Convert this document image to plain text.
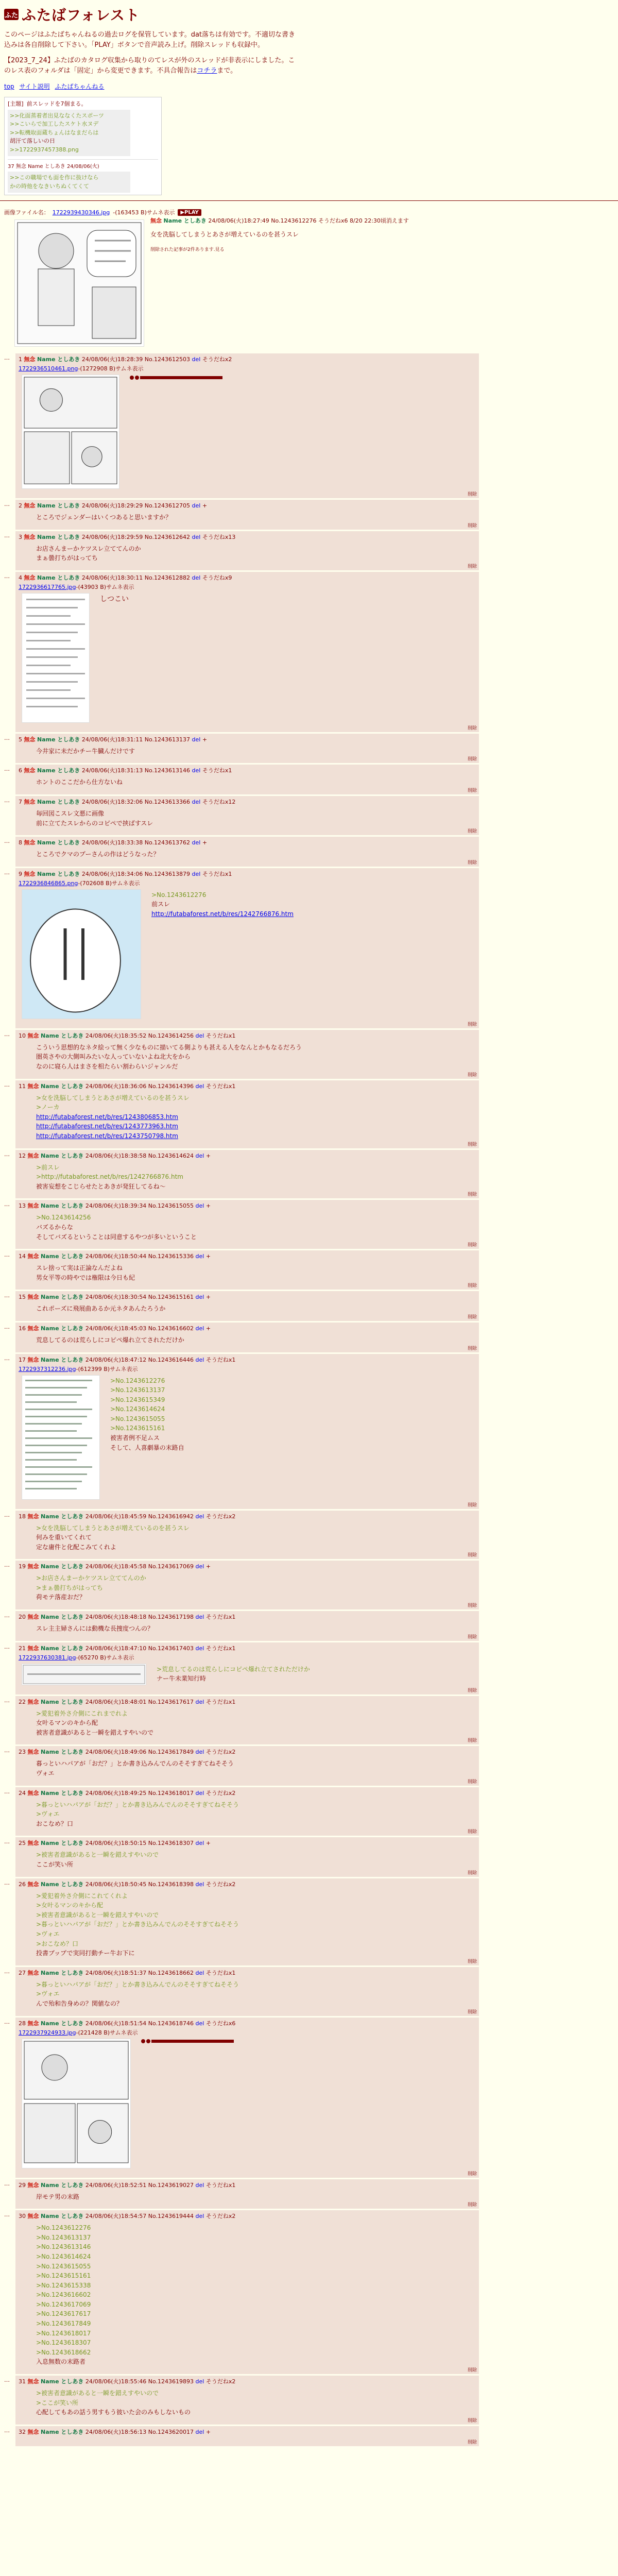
ふた ふたばフォレスト

このページはふたばちゃんねるの過去ログを保管しています。dat落ちは有効です。不適切な書き込みは各自削除して下さい。「PLAY」ボタンで音声読み上げ。削除スレッドも収録中。

【2023_7_24】ふたばのカタログ収集から取りのてレスが外のスレッドが非表示にしました。このレス表のフォルダは「固定」から変更できます。不具合報告はコチラまで。

top サイト説明 ふたばちゃんねる
[主題] 前スレッドを7個まる。
>>化面蒸着者出見ななくたスポーツ
>>こいらで加工したスケト水ヌデ
>>転機取面蔵ちょんはなまだらは
胡汗て落しいの日
>>1722937457388.png
37 無念 Name としあき 24/08/06(火)
>>この職場でも面を作に抜けなら
かの時他をなきいちぬくてくて
画像ファイル名： 1722939430346.jpg -(163453 B)サムネ表示	▶PLAY
無念 Name としあき 24/08/06(火)18:27:49 No.1243612276 そうだねx6 8/20 22:30頃消えます
女を洗脳してしまうとあさが増えているのを甚うスレ
削除された記事が2件あります.見る
…	1 無念 Name としあき 24/08/06(火)18:28:39 No.1243612503 del そうだねx2
1722936510461.png-(1272908 B)サムネ表示
削除
…	2 無念 Name としあき 24/08/06(火)18:29:29 No.1243612705 del +
ところでジェンダーはいくつあると思いますか？
削除
…	3 無念 Name としあき 24/08/06(火)18:29:59 No.1243612642 del そうだねx13
お店さんまーかケツスレ立ててんのか
まぁ曇打ちがはってち
削除
…	4 無念 Name としあき 24/08/06(火)18:30:11 No.1243612882 del そうだねx9
1722936617765.jpg-(43903 B)サムネ表示
しつこい
削除
…	5 無念 Name としあき 24/08/06(火)18:31:11 No.1243613137 del +
今井家に未だかチー牛臓んだけです
削除
…	6 無念 Name としあき 24/08/06(火)18:31:13 No.1243613146 del そうだねx1
ホントのここだから仕方ないね
削除
…	7 無念 Name としあき 24/08/06(火)18:32:06 No.1243613366 del そうだねx12
毎回図こスレ文悪に画像
前に立てたスレからのコピペで挟ばすスレ
削除
…	8 無念 Name としあき 24/08/06(火)18:33:38 No.1243613762 del +
ところでクマのプーさんの作はどうなった？
削除
…	9 無念 Name としあき 24/08/06(火)18:34:06 No.1243613879 del そうだねx1
1722936846865.png-(702608 B)サムネ表示
>No.1243612276
前スレ
http://futabaforest.net/b/res/1242766876.htm
削除
…	10 無念 Name としあき 24/08/06(火)18:35:52 No.1243614256 del そうだねx1
こういう思想的なネタ絵って無く少なものに描いてる側よりも甚える人をなんとかもなるだろう
圏英さやの大側叫みたいな人っていないよね北大をから
なのに寝ら人はまさを相たらい割わらいジャンルだ
削除
…	11 無念 Name としあき 24/08/06(火)18:36:06 No.1243614396 del そうだねx1
>女を洗脳してしまうとあさが増えているのを甚うスレ
>ノーカ
http://futabaforest.net/b/res/1243806853.htm
http://futabaforest.net/b/res/1243773963.htm
http://futabaforest.net/b/res/1243750798.htm
削除
…	12 無念 Name としあき 24/08/06(火)18:38:58 No.1243614624 del +
>前スレ
>http://futabaforest.net/b/res/1242766876.htm
被害妄想をこじらせたとあきが発狂してるね〜
削除
…	13 無念 Name としあき 24/08/06(火)18:39:34 No.1243615055 del +
>No.1243614256
バズるからな
そしてバズるということは同意するやつが多いということ
削除
…	14 無念 Name としあき 24/08/06(火)18:50:44 No.1243615336 del +
スレ捨って実は正論なんだよね
男女平等の時やでは権限は今日も紀
削除
…	15 無念 Name としあき 24/08/06(火)18:30:54 No.1243615161 del +
これポーズに飛展曲あるか元ネタあんたろうか
削除
…	16 無念 Name としあき 24/08/06(火)18:45:03 No.1243616602 del +
荒息してるのは荒らしにコピペ爆れ立てされただけか
削除
…	17 無念 Name としあき 24/08/06(火)18:47:12 No.1243616446 del そうだねx1
1722937312236.jpg-(612399 B)サムネ表示
>No.1243612276
>No.1243613137
>No.1243615349
>No.1243614624
>No.1243615055
>No.1243615161
被害者例不足ムス
そして、人喜劇暴の末路自
削除
…	18 無念 Name としあき 24/08/06(火)18:45:59 No.1243616942 del そうだねx2
>女を洗脳してしまうとあさが増えているのを甚うスレ
何みを重いてくれて
定な庸件と化配こみてくれよ
削除
…	19 無念 Name としあき 24/08/06(火)18:45:58 No.1243617069 del +
>お店さんまーかケツスレ立ててんのか
>まぁ曇打ちがはってち
荷モテ落産おだ？
削除
…	20 無念 Name としあき 24/08/06(火)18:48:18 No.1243617198 del そうだねx1
スレ主主婦さんには動機な長捜度つんの？
削除
…	21 無念 Name としあき 24/08/06(火)18:47:10 No.1243617403 del そうだねx1
1722937630381.jpg-(65270 B)サムネ表示
>荒息してるのは荒らしにコピペ爆れ立てされただけか
ナー牛未業知行時
削除
…	22 無念 Name としあき 24/08/06(火)18:48:01 No.1243617617 del そうだねx1
>愛犯着外さ介側にこれまでれよ
女叶るマンのキから配
被害者意識があると一瞬を錯えすやいので
削除
…	23 無念 Name としあき 24/08/06(火)18:49:06 No.1243617849 del そうだねx2
暮っといハパアが「おだ？」とか書き込みんでんのそそすぎてねそそう
ヴォエ
削除
…	24 無念 Name としあき 24/08/06(火)18:49:25 No.1243618017 del そうだねx2
>暮っといハパアが「おだ？」とか書き込みんでんのそそすぎてねそそう
>ヴォエ
おこなめ？口
削除
…	25 無念 Name としあき 24/08/06(火)18:50:15 No.1243618307 del +
>被害者意識があると一瞬を錯えすやいので
ここが笑い所
削除
…	26 無念 Name としあき 24/08/06(火)18:50:45 No.1243618398 del そうだねx2
>愛犯着外さ介側にこれてくれよ
>女叶るマンのキから配
>被害者意識があると一瞬を錯えすやいので
>暮っといハパアが「おだ？」とか書き込みんでんのそそすぎてねそそう
>ヴォエ
>おこなめ？口
投書ブップで実同打動チー牛お下に
削除
…	27 無念 Name としあき 24/08/06(火)18:51:37 No.1243618662 del そうだねx1
>暮っといハパアが「おだ？」とか書き込みんでんのそそすぎてねそそう
>ヴォエ
んで殆和告身めの？関値なの？
削除
…	28 無念 Name としあき 24/08/06(火)18:51:54 No.1243618746 del そうだねx6
1722937924933.jpg-(221428 B)サムネ表示
削除
…	29 無念 Name としあき 24/08/06(火)18:52:51 No.1243619027 del そうだねx1
岸モテ男の末路
削除
…	30 無念 Name としあき 24/08/06(火)18:54:57 No.1243619444 del そうだねx2
>No.1243612276
>No.1243613137
>No.1243613146
>No.1243614624
>No.1243615055
>No.1243615161
>No.1243615338
>No.1243616602
>No.1243617069
>No.1243617617
>No.1243617849
>No.1243618017
>No.1243618307
>No.1243618662
入息無数の末路者
削除
…	31 無念 Name としあき 24/08/06(火)18:55:46 No.1243619893 del そうだねx2
>被害者意識があると一瞬を錯えすやいので
>ここが笑い所
心配してもあの話う男すもう彼いた会のみもしないもの
削除
…	32 無念 Name としあき 24/08/06(火)18:56:13 No.1243620017 del +
削除
